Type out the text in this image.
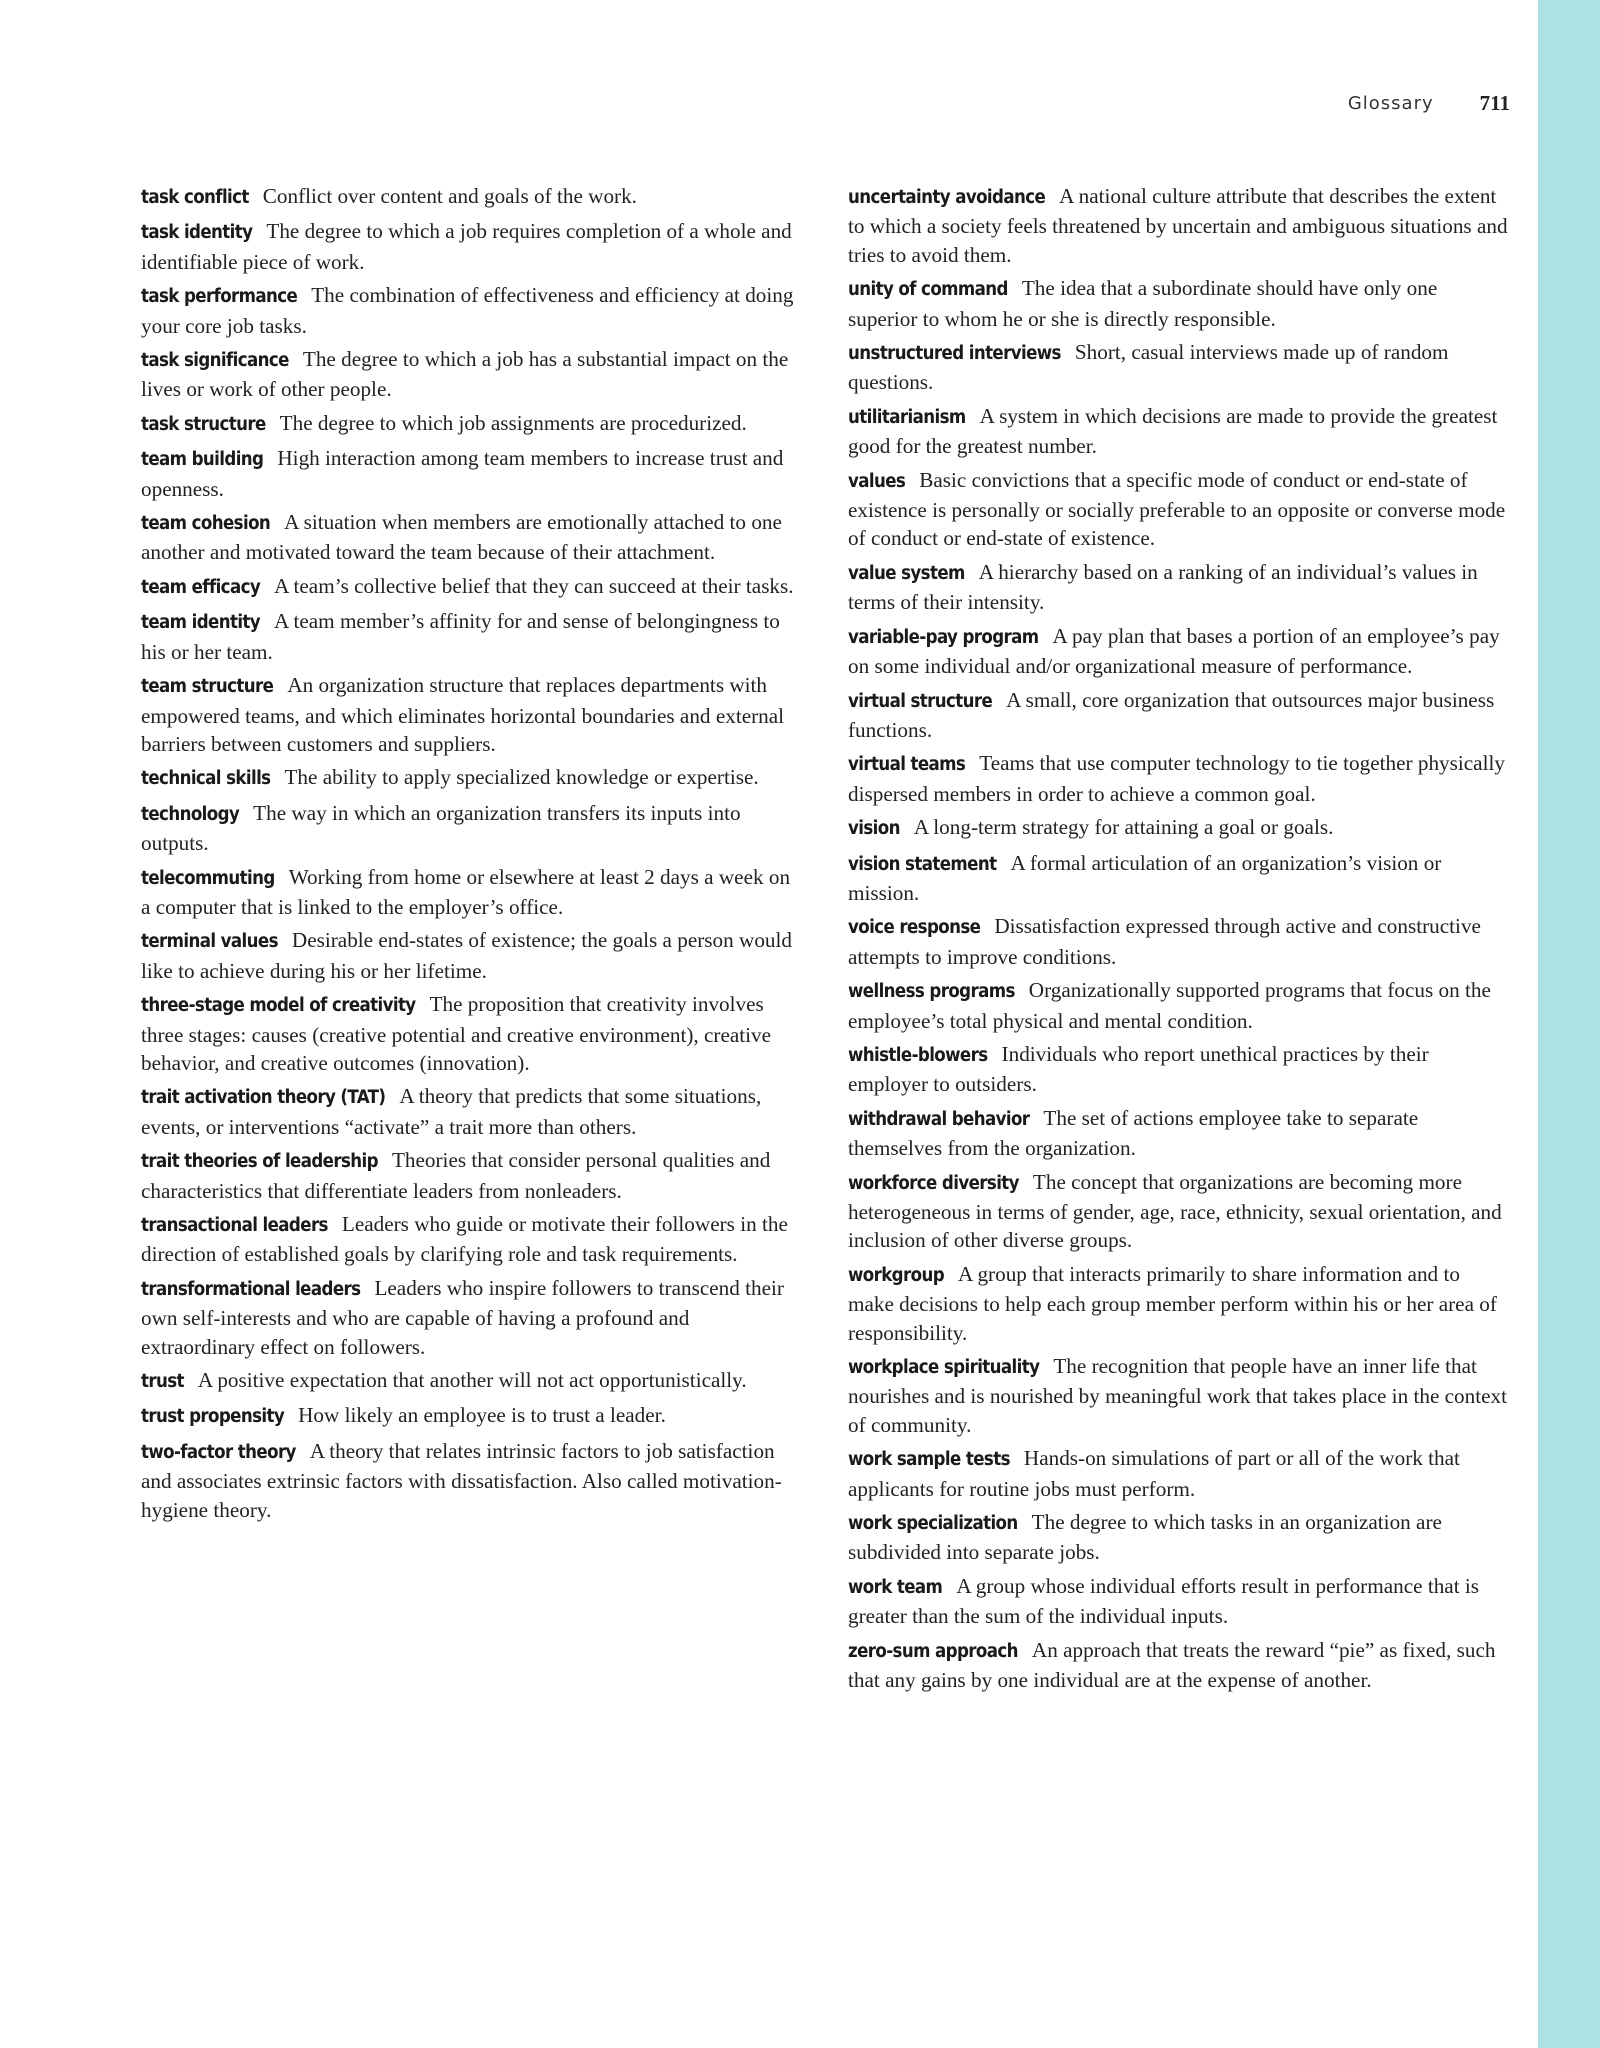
Glossary 711

task conflict Conflict over content and goals of the work.

task identity The degree to which a job requires completion of a whole and identifiable piece of work.

task performance The combination of effectiveness and efficiency at doing your core job tasks.

task significance The degree to which a job has a substantial impact on the lives or work of other people.

task structure The degree to which job assignments are procedurized.

team building High interaction among team members to increase trust and openness.

team cohesion A situation when members are emotionally attached to one another and motivated toward the team because of their attachment.

team efficacy A team’s collective belief that they can succeed at their tasks.

team identity A team member’s affinity for and sense of belongingness to his or her team.

team structure An organization structure that replaces departments with empowered teams, and which eliminates horizontal boundaries and external barriers between customers and suppliers.

technical skills The ability to apply specialized knowledge or expertise.

technology The way in which an organization transfers its inputs into outputs.

telecommuting Working from home or elsewhere at least 2 days a week on a computer that is linked to the employer’s office.

terminal values Desirable end-states of existence; the goals a person would like to achieve during his or her lifetime.

three-stage model of creativity The proposition that creativity involves three stages: causes (creative potential and creative environment), creative behavior, and creative outcomes (innovation).

trait activation theory (TAT) A theory that predicts that some situations, events, or interventions “activate” a trait more than others.

trait theories of leadership Theories that consider personal qualities and characteristics that differentiate leaders from nonleaders.

transactional leaders Leaders who guide or motivate their followers in the direction of established goals by clarifying role and task requirements.

transformational leaders Leaders who inspire followers to transcend their own self-interests and who are capable of having a profound and extraordinary effect on followers.

trust A positive expectation that another will not act opportunistically.

trust propensity How likely an employee is to trust a leader.

two-factor theory A theory that relates intrinsic factors to job satisfaction and associates extrinsic factors with dissatisfaction. Also called motivation-hygiene theory.

uncertainty avoidance A national culture attribute that describes the extent to which a society feels threatened by uncertain and ambiguous situations and tries to avoid them.

unity of command The idea that a subordinate should have only one superior to whom he or she is directly responsible.

unstructured interviews Short, casual interviews made up of random questions.

utilitarianism A system in which decisions are made to provide the greatest good for the greatest number.

values Basic convictions that a specific mode of conduct or end-state of existence is personally or socially preferable to an opposite or converse mode of conduct or end-state of existence.

value system A hierarchy based on a ranking of an individual’s values in terms of their intensity.

variable-pay program A pay plan that bases a portion of an employee’s pay on some individual and/or organizational measure of performance.

virtual structure A small, core organization that outsources major business functions.

virtual teams Teams that use computer technology to tie together physically dispersed members in order to achieve a common goal.

vision A long-term strategy for attaining a goal or goals.

vision statement A formal articulation of an organization’s vision or mission.

voice response Dissatisfaction expressed through active and constructive attempts to improve conditions.

wellness programs Organizationally supported programs that focus on the employee’s total physical and mental condition.

whistle-blowers Individuals who report unethical practices by their employer to outsiders.

withdrawal behavior The set of actions employee take to separate themselves from the organization.

workforce diversity The concept that organizations are becoming more heterogeneous in terms of gender, age, race, ethnicity, sexual orientation, and inclusion of other diverse groups.

workgroup A group that interacts primarily to share information and to make decisions to help each group member perform within his or her area of responsibility.

workplace spirituality The recognition that people have an inner life that nourishes and is nourished by meaningful work that takes place in the context of community.

work sample tests Hands-on simulations of part or all of the work that applicants for routine jobs must perform.

work specialization The degree to which tasks in an organization are subdivided into separate jobs.

work team A group whose individual efforts result in performance that is greater than the sum of the individual inputs.

zero-sum approach An approach that treats the reward “pie” as fixed, such that any gains by one individual are at the expense of another.
